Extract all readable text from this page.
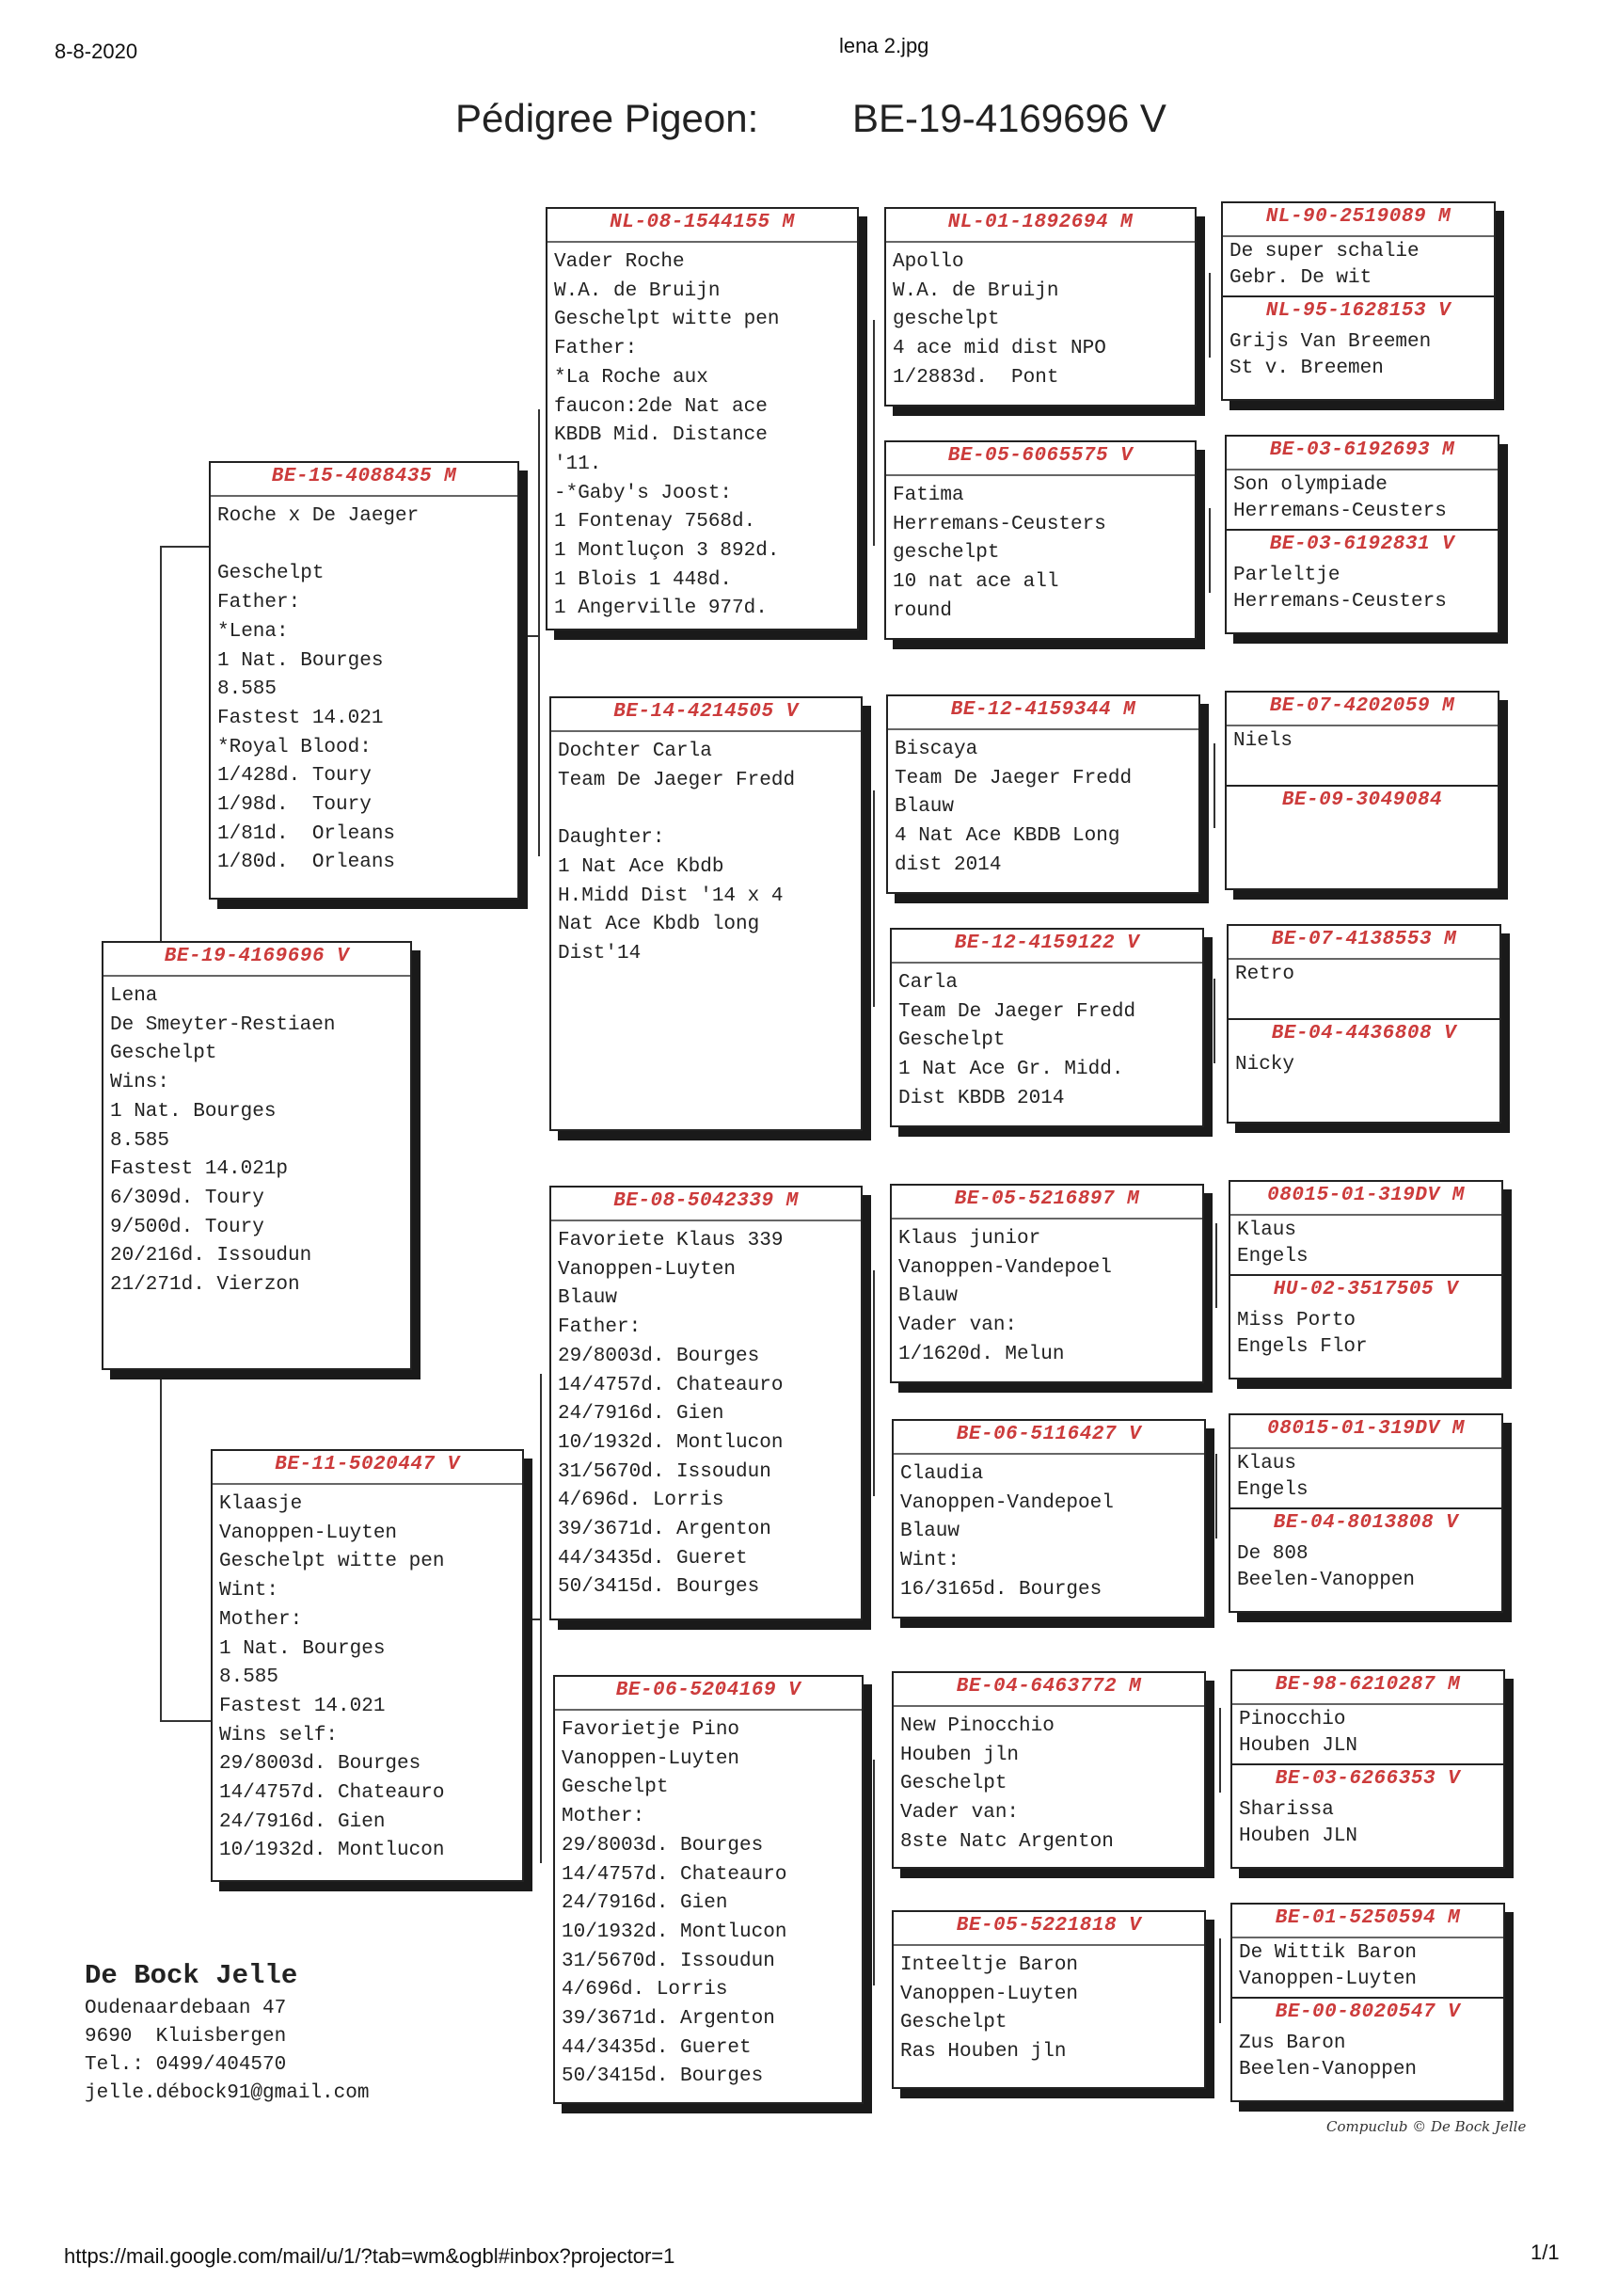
8-8-2020	lena 2.jpg
Pédigree Pigeon: BE-19-4169696 V
BE-19-4169696 V
Lena
De Smeyter-Restiaen
Geschelpt
Wins:
1 Nat. Bourges
8.585
Fastest 14.021p
6/309d. Toury
9/500d. Toury
20/216d. Issoudun
21/271d. Vierzon
BE-15-4088435 M
Roche x De Jaeger

Geschelpt
Father:
*Lena:
1 Nat. Bourges
8.585
Fastest 14.021
*Royal Blood:
1/428d. Toury
1/98d.  Toury
1/81d.  Orleans
1/80d.  Orleans
BE-11-5020447 V
Klaasje
Vanoppen-Luyten
Geschelpt witte pen
Wint:
Mother:
1 Nat. Bourges
8.585
Fastest 14.021
Wins self:
29/8003d. Bourges
14/4757d. Chateauro
24/7916d. Gien
10/1932d. Montlucon
NL-08-1544155 M
Vader Roche
W.A. de Bruijn
Geschelpt witte pen
Father:
*La Roche aux
faucon:2de Nat ace
KBDB Mid. Distance
'11.
-*Gaby's Joost:
1 Fontenay 7568d.
1 Montluçon 3 892d.
1 Blois 1 448d.
1 Angerville 977d.
BE-14-4214505 V
Dochter Carla
Team De Jaeger Fredd

Daughter:
1 Nat Ace Kbdb
H.Midd Dist '14 x 4
Nat Ace Kbdb long
Dist'14
BE-08-5042339 M
Favoriete Klaus 339
Vanoppen-Luyten
Blauw
Father:
29/8003d. Bourges
14/4757d. Chateauro
24/7916d. Gien
10/1932d. Montlucon
31/5670d. Issoudun
4/696d. Lorris
39/3671d. Argenton
44/3435d. Gueret
50/3415d. Bourges
BE-06-5204169 V
Favorietje Pino
Vanoppen-Luyten
Geschelpt
Mother:
29/8003d. Bourges
14/4757d. Chateauro
24/7916d. Gien
10/1932d. Montlucon
31/5670d. Issoudun
4/696d. Lorris
39/3671d. Argenton
44/3435d. Gueret
50/3415d. Bourges
NL-01-1892694 M
Apollo
W.A. de Bruijn
geschelpt
4 ace mid dist NPO
1/2883d.  Pont
BE-05-6065575 V
Fatima
Herremans-Ceusters
geschelpt
10 nat ace all
round
BE-12-4159344 M
Biscaya
Team De Jaeger Fredd
Blauw
4 Nat Ace KBDB Long
dist 2014
BE-12-4159122 V
Carla
Team De Jaeger Fredd
Geschelpt
1 Nat Ace Gr. Midd.
Dist KBDB 2014
BE-05-5216897 M
Klaus junior
Vanoppen-Vandepoel
Blauw
Vader van:
1/1620d. Melun
BE-06-5116427 V
Claudia
Vanoppen-Vandepoel
Blauw
Wint:
16/3165d. Bourges
BE-04-6463772 M
New Pinocchio
Houben jln
Geschelpt
Vader van:
8ste Natc Argenton
BE-05-5221818 V
Inteeltje Baron
Vanoppen-Luyten
Geschelpt
Ras Houben jln
NL-90-2519089 M
De super schalie
Gebr. De wit
NL-95-1628153 V
Grijs Van Breemen
St v. Breemen
BE-03-6192693 M
Son olympiade
Herremans-Ceusters
BE-03-6192831 V
Parleltje
Herremans-Ceusters
BE-07-4202059 M
Niels
BE-09-3049084
BE-07-4138553 M
Retro
BE-04-4436808 V
Nicky
08015-01-319DV M
Klaus
Engels
HU-02-3517505 V
Miss Porto
Engels Flor
08015-01-319DV M
Klaus
Engels
BE-04-8013808 V
De 808
Beelen-Vanoppen
BE-98-6210287 M
Pinocchio
Houben JLN
BE-03-6266353 V
Sharissa
Houben JLN
BE-01-5250594 M
De Wittik Baron
Vanoppen-Luyten
BE-00-8020547 V
Zus Baron
Beelen-Vanoppen
De Bock Jelle
Oudenaardebaan 47
9690  Kluisbergen
Tel.: 0499/404570
jelle.débock91@gmail.com
Compuclub © De Bock Jelle
https://mail.google.com/mail/u/1/?tab=wm&ogbl#inbox?projector=1	1/1
